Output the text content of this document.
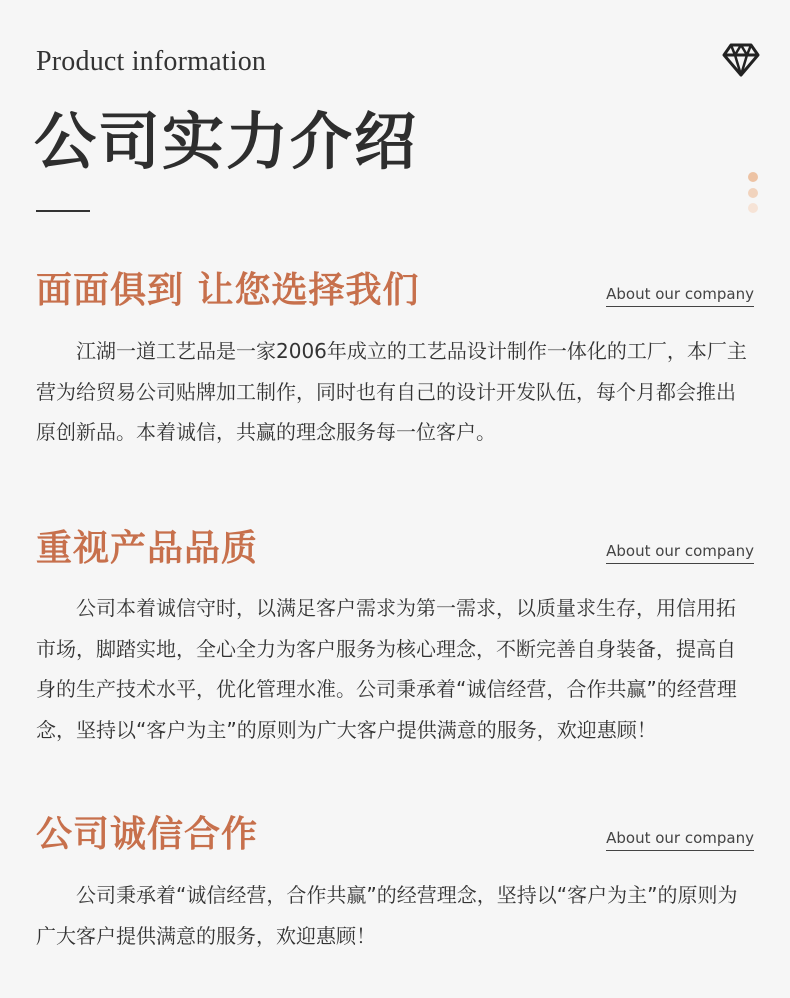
Product information
公司实力介绍
面面俱到 让您选择我们	About our company

江湖一道工艺品是一家2006年成立的工艺品设计制作一体化的工厂，本厂主营为给贸易公司贴牌加工制作，同时也有自己的设计开发队伍，每个月都会推出原创新品。本着诚信，共赢的理念服务每一位客户。

重视产品品质	About our company

公司本着诚信守时，以满足客户需求为第一需求，以质量求生存，用信用拓市场，脚踏实地，全心全力为客户服务为核心理念，不断完善自身装备，提高自身的生产技术水平，优化管理水准。公司秉承着“诚信经营，合作共赢”的经营理念，坚持以“客户为主”的原则为广大客户提供满意的服务，欢迎惠顾！

公司诚信合作	About our company

公司秉承着“诚信经营，合作共赢”的经营理念，坚持以“客户为主”的原则为广大客户提供满意的服务，欢迎惠顾！
